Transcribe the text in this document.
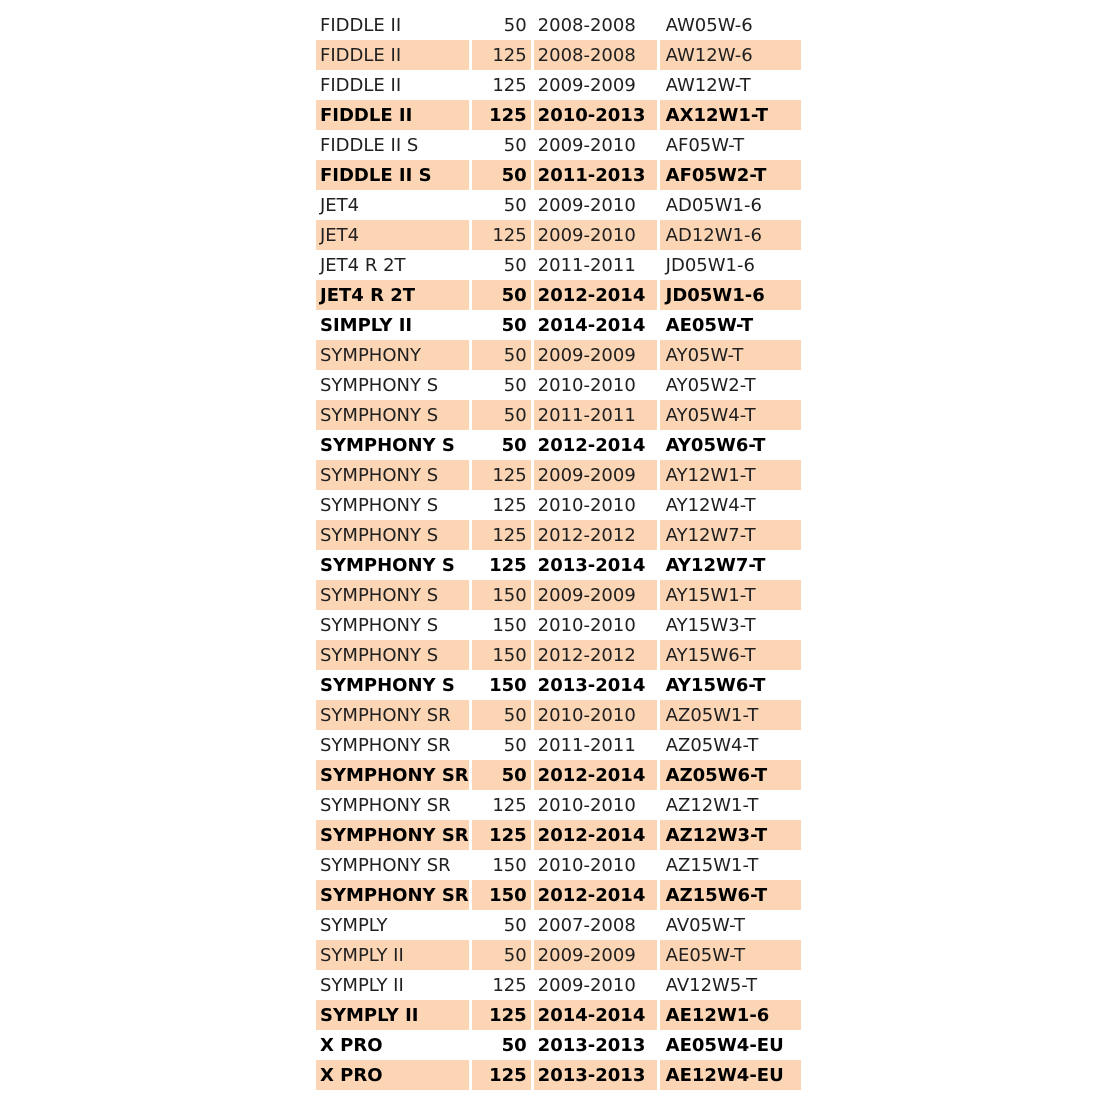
FIDDLE II	50	2008-2008	AW05W-6
FIDDLE II	125	2008-2008	AW12W-6
FIDDLE II	125	2009-2009	AW12W-T
FIDDLE II	125	2010-2013	AX12W1-T
FIDDLE II S	50	2009-2010	AF05W-T
FIDDLE II S	50	2011-2013	AF05W2-T
JET4	50	2009-2010	AD05W1-6
JET4	125	2009-2010	AD12W1-6
JET4 R 2T	50	2011-2011	JD05W1-6
JET4 R 2T	50	2012-2014	JD05W1-6
SIMPLY II	50	2014-2014	AE05W-T
SYMPHONY	50	2009-2009	AY05W-T
SYMPHONY S	50	2010-2010	AY05W2-T
SYMPHONY S	50	2011-2011	AY05W4-T
SYMPHONY S	50	2012-2014	AY05W6-T
SYMPHONY S	125	2009-2009	AY12W1-T
SYMPHONY S	125	2010-2010	AY12W4-T
SYMPHONY S	125	2012-2012	AY12W7-T
SYMPHONY S	125	2013-2014	AY12W7-T
SYMPHONY S	150	2009-2009	AY15W1-T
SYMPHONY S	150	2010-2010	AY15W3-T
SYMPHONY S	150	2012-2012	AY15W6-T
SYMPHONY S	150	2013-2014	AY15W6-T
SYMPHONY SR	50	2010-2010	AZ05W1-T
SYMPHONY SR	50	2011-2011	AZ05W4-T
SYMPHONY SR	50	2012-2014	AZ05W6-T
SYMPHONY SR	125	2010-2010	AZ12W1-T
SYMPHONY SR	125	2012-2014	AZ12W3-T
SYMPHONY SR	150	2010-2010	AZ15W1-T
SYMPHONY SR	150	2012-2014	AZ15W6-T
SYMPLY	50	2007-2008	AV05W-T
SYMPLY II	50	2009-2009	AE05W-T
SYMPLY II	125	2009-2010	AV12W5-T
SYMPLY II	125	2014-2014	AE12W1-6
X PRO	50	2013-2013	AE05W4-EU
X PRO	125	2013-2013	AE12W4-EU
